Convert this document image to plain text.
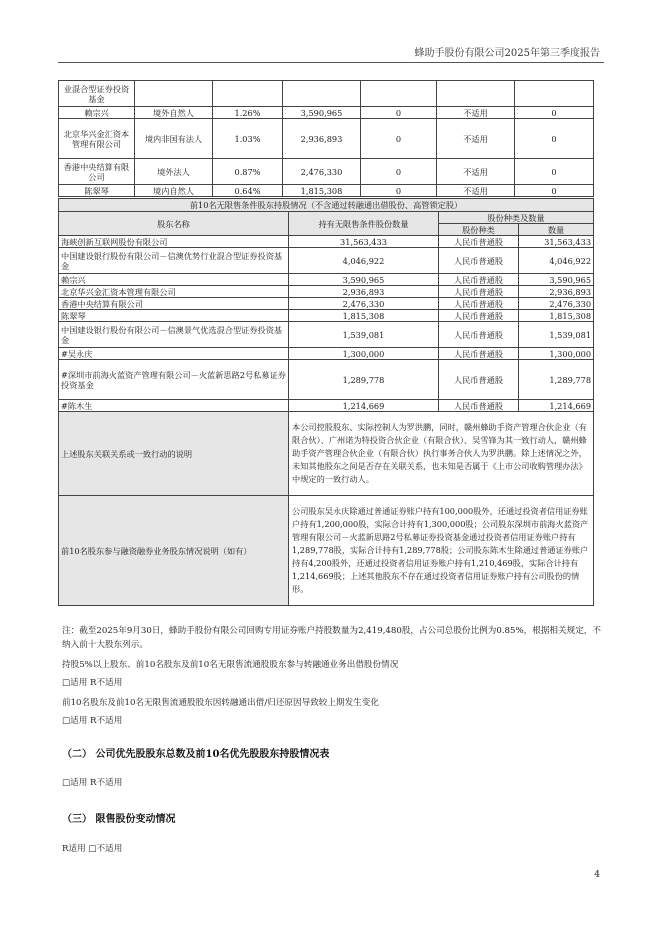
蜂助手股份有限公司2025年第三季度报告
业混合型证券投资基金						
赖宗兴	境外自然人	1.26%	3,590,965	0	不适用	0
北京华兴金汇资本管理有限公司	境内非国有法人	1.03%	2,936,893	0	不适用	0
香港中央结算有限公司	境外法人	0.87%	2,476,330	0	不适用	0
陈翠琴	境内自然人	0.64%	1,815,308	0	不适用	0
前10名无限售条件股东持股情况（不含通过转融通出借股份、高管锁定股）			
股东名称	持有无限售条件股份数量	股份种类及数量	
		股份种类	数量
海峡创新互联网股份有限公司	31,563,433	人民币普通股	31,563,433
中国建设银行股份有限公司－信澳优势行业混合型证券投资基金	4,046,922	人民币普通股	4,046,922
赖宗兴	3,590,965	人民币普通股	3,590,965
北京华兴金汇资本管理有限公司	2,936,893	人民币普通股	2,936,893
香港中央结算有限公司	2,476,330	人民币普通股	2,476,330
陈翠琴	1,815,308	人民币普通股	1,815,308
中国建设银行股份有限公司－信澳景气优选混合型证券投资基金	1,539,081	人民币普通股	1,539,081
#吴永庆	1,300,000	人民币普通股	1,300,000
#深圳市前海火蓝资产管理有限公司－火蓝新思路2号私募证券投资基金	1,289,778	人民币普通股	1,289,778
#陈木生	1,214,669	人民币普通股	1,214,669
上述股东关联关系或一致行动的说明	本公司控股股东、实际控制人为罗洪鹏，同时，赣州蜂助手资产管理合伙企业（有限合伙）、广州诺为特投资合伙企业（有限合伙）、吴雪锋为其一致行动人，赣州蜂助手资产管理合伙企业（有限合伙）执行事务合伙人为罗洪鹏。除上述情况之外，未知其他股东之间是否存在关联关系，也未知是否属于《上市公司收购管理办法》中规定的一致行动人。		
前10名股东参与融资融券业务股东情况说明（如有）	公司股东吴永庆除通过普通证券账户持有100,000股外，还通过投资者信用证券账户持有1,200,000股，实际合计持有1,300,000股；公司股东深圳市前海火蓝资产管理有限公司－火蓝新思路2号私募证券投资基金通过投资者信用证券账户持有1,289,778股，实际合计持有1,289,778股；公司股东陈木生除通过普通证券账户持有4,200股外，还通过投资者信用证券账户持有1,210,469股，实际合计持有1,214,669股；上述其他股东不存在通过投资者信用证券账户持有公司股份的情形。		
注：截至2025年9月30日，蜂助手股份有限公司回购专用证券账户持股数量为2,419,480股，占公司总股份比例为0.85%，根据相关规定，不纳入前十大股东列示。
持股5%以上股东、前10名股东及前10名无限售流通股股东参与转融通业务出借股份情况
□适用 R不适用
前10名股东及前10名无限售流通股股东因转融通出借/归还原因导致较上期发生变化
□适用 R不适用
（二） 公司优先股股东总数及前10名优先股股东持股情况表
□适用 R不适用
（三） 限售股份变动情况
R适用 □不适用
4
